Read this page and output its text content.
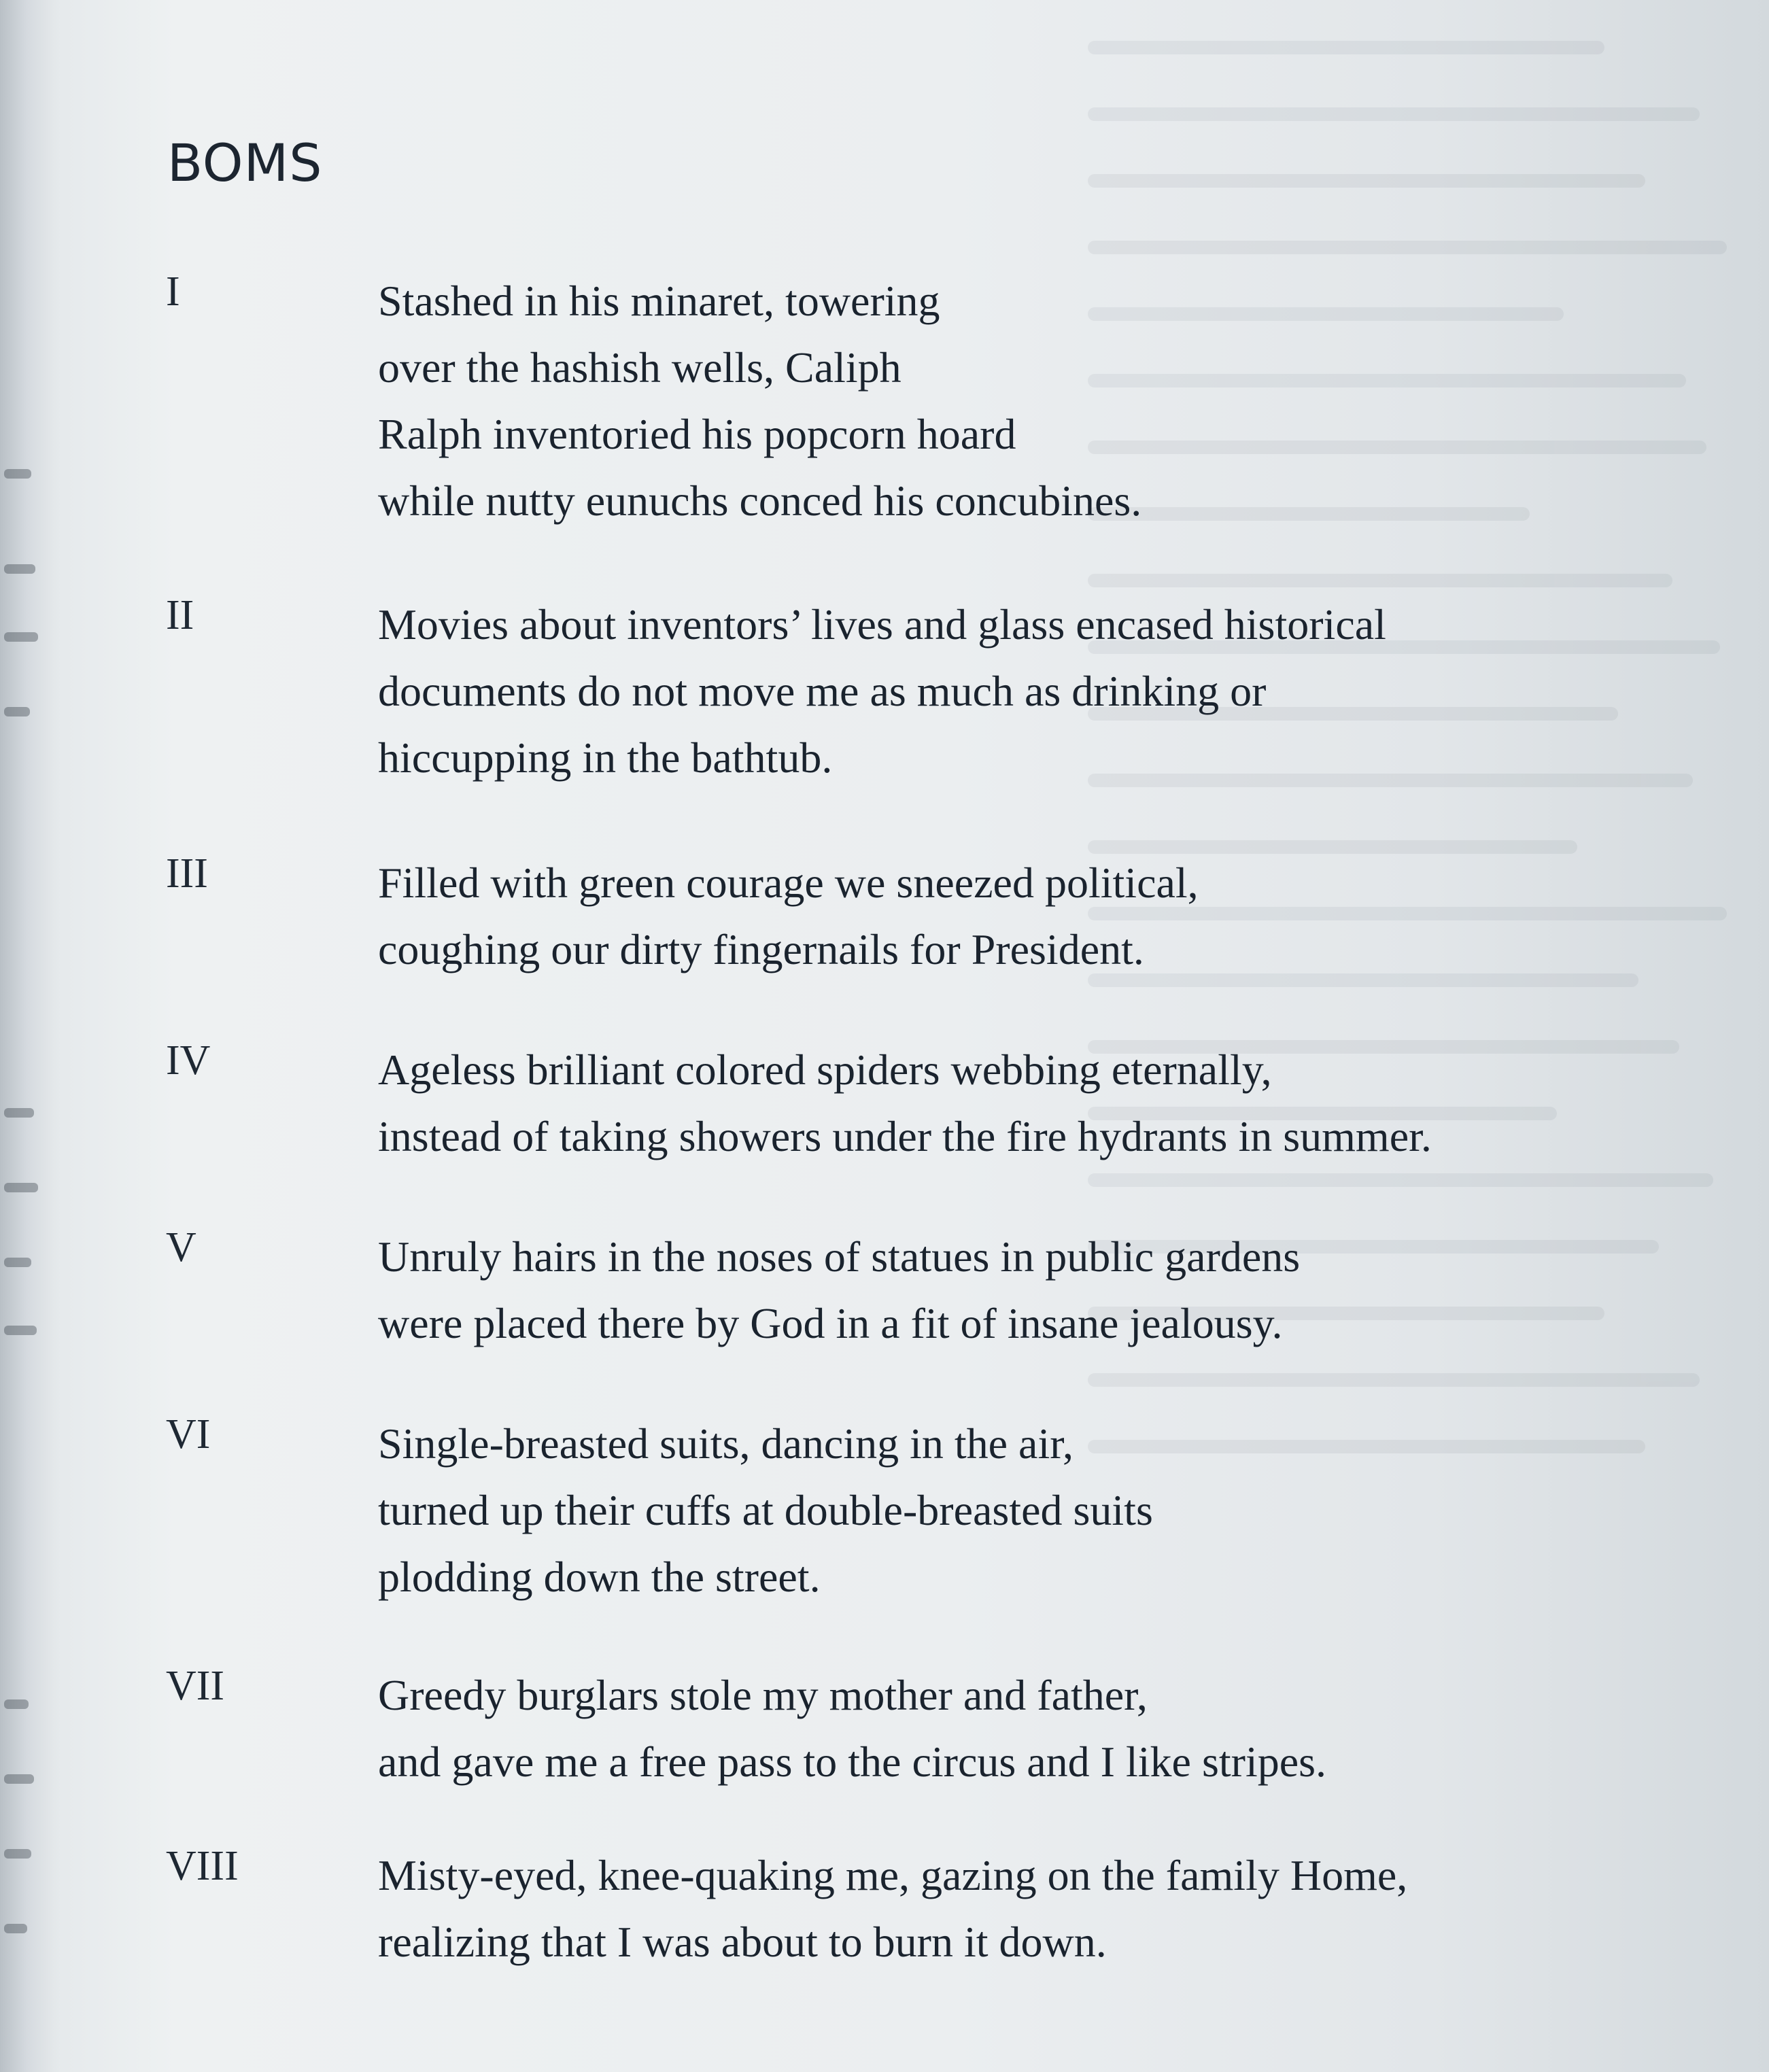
BOMS
I	Stashed in his minaret, towering
over the hashish wells, Caliph
Ralph inventoried his popcorn hoard
while nutty eunuchs conced his concubines.
II	Movies about inventors’ lives and glass encased historical
documents do not move me as much as drinking or
hiccupping in the bathtub.
III	Filled with green courage we sneezed political,
coughing our dirty fingernails for President.
IV	Ageless brilliant colored spiders webbing eternally,
instead of taking showers under the fire hydrants in summer.
V	Unruly hairs in the noses of statues in public gardens
were placed there by God in a fit of insane jealousy.
VI	Single-breasted suits, dancing in the air,
turned up their cuffs at double-breasted suits
plodding down the street.
VII	Greedy burglars stole my mother and father,
and gave me a free pass to the circus and I like stripes.
VIII	Misty-eyed, knee-quaking me, gazing on the family Home,
realizing that I was about to burn it down.
